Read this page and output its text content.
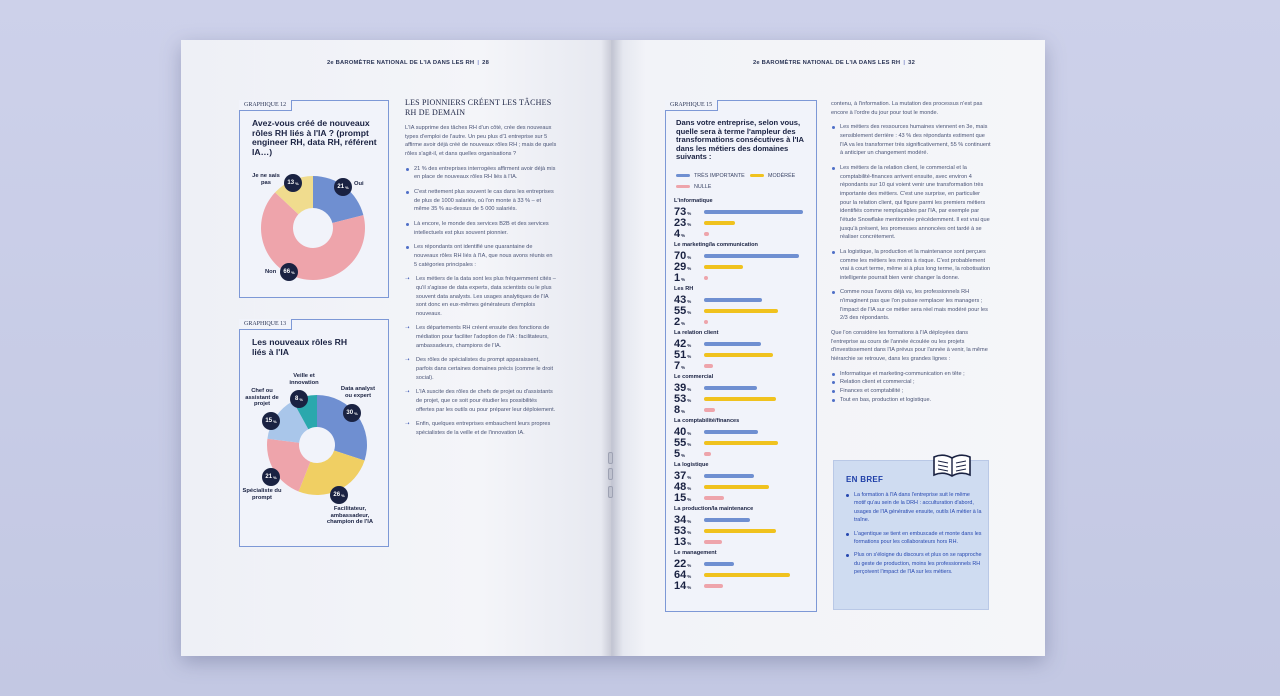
2e BAROMÈTRE NATIONAL DE L'IA DANS LES RH | 28
GRAPHIQUE 12
Avez-vous créé de nouveaux rôles RH liés à l'IA ? (prompt engineer RH, data RH, référent IA…)
Je ne sais pas	Oui
Non
13 %
21 %
66 %
GRAPHIQUE 13
Les nouveaux rôles RH liés à l'IA
Data analyst ou expert
Facilitateur, ambassadeur, champion de l'IA
Spécialiste du prompt
Chef ou assistant de projet
Veille et innovation
30 %
26 %
21 %
15 %
8 %
LES PIONNIERS CRÉENT LES TÂCHES RH DE DEMAIN

L'IA supprime des tâches RH d'un côté, crée des nouveaux types d'emploi de l'autre. Un peu plus d'1 entreprise sur 5 affirme avoir déjà créé de nouveaux rôles RH ; mais de quels rôles s'agit-il, et dans quelles organisations ?

21 % des entreprises interrogées affirment avoir déjà mis en place de nouveaux rôles RH liés à l'IA.

C'est nettement plus souvent le cas dans les entreprises de plus de 1000 salariés, où l'on monte à 33 % – et même 35 % au-dessus de 5 000 salariés.

Là encore, le monde des services B2B et des services intellectuels est plus souvent pionnier.

Les répondants ont identifié une quarantaine de nouveaux rôles RH liés à l'IA, que nous avons réunis en 5 catégories principales :

➝ Les métiers de la data sont les plus fréquemment cités – qu'il s'agisse de data experts, data scientists ou le plus souvent data analysts. Les usages analytiques de l'IA sont donc en eux-mêmes générateurs d'emplois nouveaux.

➝ Les départements RH créent ensuite des fonctions de médiation pour faciliter l'adoption de l'IA : facilitateurs, ambassadeurs, champions de l'IA.

➝ Des rôles de spécialistes du prompt apparaissent, parfois dans certaines domaines précis (comme le droit social).

➝ L'IA suscite des rôles de chefs de projet ou d'assistants de projet, que ce soit pour étudier les possibilités offertes par les outils ou pour préparer leur déploiement.

➝ Enfin, quelques entreprises embauchent leurs propres spécialistes de la veille et de l'innovation IA.

2e BAROMÈTRE NATIONAL DE L'IA DANS LES RH | 32
GRAPHIQUE 15
Dans votre entreprise, selon vous, quelle sera à terme l'ampleur des transformations consécutives à l'IA dans les métiers des domaines suivants :
TRÈS IMPORTANTE	MODÉRÉE
NULLE
L'informatique
73%
23%
4%
Le marketing/la communication
70%
29%
1%
Les RH
43%
55%
2%
La relation client
42%
51%
7%
Le commercial
39%
53%
8%
La comptabilité/finances
40%
55%
5%
La logistique
37%
48%
15%
La production/la maintenance
34%
53%
13%
Le management
22%
64%
14%

contenu, à l'information. La mutation des processus n'est pas encore à l'ordre du jour pour tout le monde.

Les métiers des ressources humaines viennent en 3e, mais sensiblement derrière : 43 % des répondants estiment que l'IA va les transformer très significativement, 55 % continuent à anticiper un changement modéré.

Les métiers de la relation client, le commercial et la comptabilité-finances arrivent ensuite, avec environ 4 répondants sur 10 qui voient venir une transformation très importante des métiers. C'est une surprise, en particulier pour la relation client, qui figure parmi les premiers métiers identifiés comme remplaçables par l'IA, par exemple par l'étude Snowflake mentionnée précédemment. Il est vrai que jusqu'à présent, les promesses annoncées ont tardé à se réaliser concrètement.

La logistique, la production et la maintenance sont perçues comme les métiers les moins à risque. C'est probablement vrai à court terme, même si à plus long terme, la robotisation intelligente pourrait bien venir changer la donne.

Comme nous l'avons déjà vu, les professionnels RH n'imaginent pas que l'on puisse remplacer les managers ; l'impact de l'IA sur ce métier sera réel mais modéré pour les 2/3 des répondants.

Que l'on considère les formations à l'IA déployées dans l'entreprise au cours de l'année écoulée ou les projets d'investissement dans l'IA prévus pour l'année à venir, la même hiérarchie se retrouve, dans les grandes lignes :

Informatique et marketing-communication en tête ;
Relation client et commercial ;
Finances et comptabilité ;
Tout en bas, production et logistique.
EN BREF
La formation à l'IA dans l'entreprise suit le même motif qu'au sein de la DRH : acculturation d'abord, usages de l'IA générative ensuite, outils IA métier à la traîne.
L'agentique se tient en embuscade et monte dans les formations pour les collaborateurs hors RH.
Plus on s'éloigne du discours et plus on se rapproche du geste de production, moins les professionnels RH perçoivent l'impact de l'IA sur les métiers.
